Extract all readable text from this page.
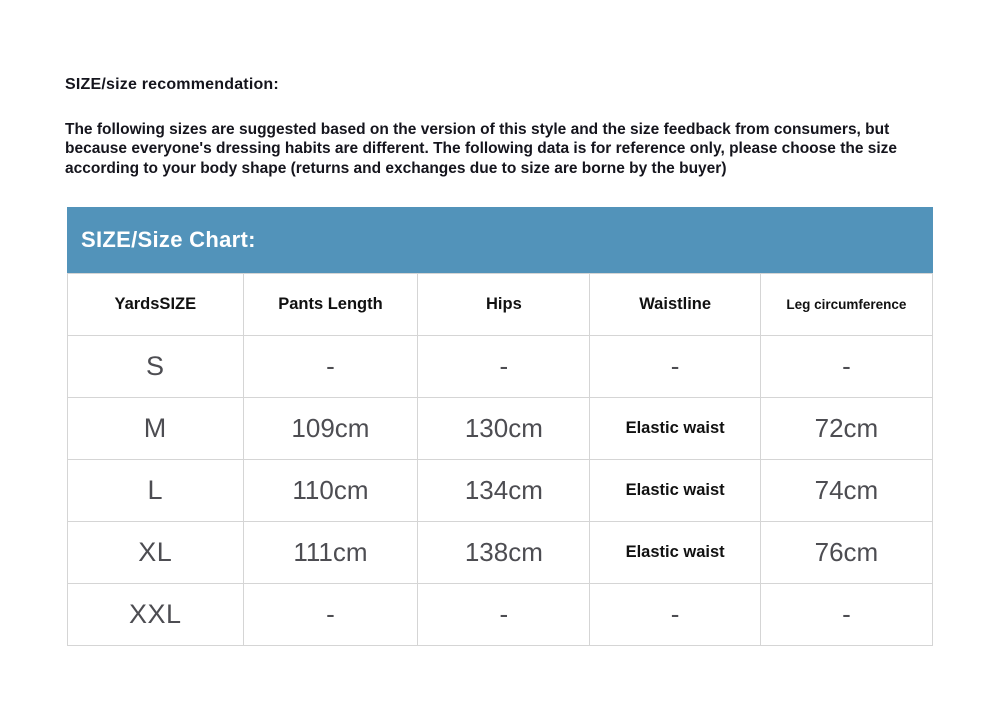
SIZE/size recommendation:
The following sizes are suggested based on the version of this style and the size feedback from consumers, but because everyone's dressing habits are different. The following data is for reference only, please choose the size according to your body shape (returns and exchanges due to size are borne by the buyer)
SIZE/Size Chart:
YardsSIZE	Pants Length	Hips	Waistline	Leg circumference
S	-	-	-	-
M	109cm	130cm	Elastic waist	72cm
L	110cm	134cm	Elastic waist	74cm
XL	111cm	138cm	Elastic waist	76cm
XXL	-	-	-	-
